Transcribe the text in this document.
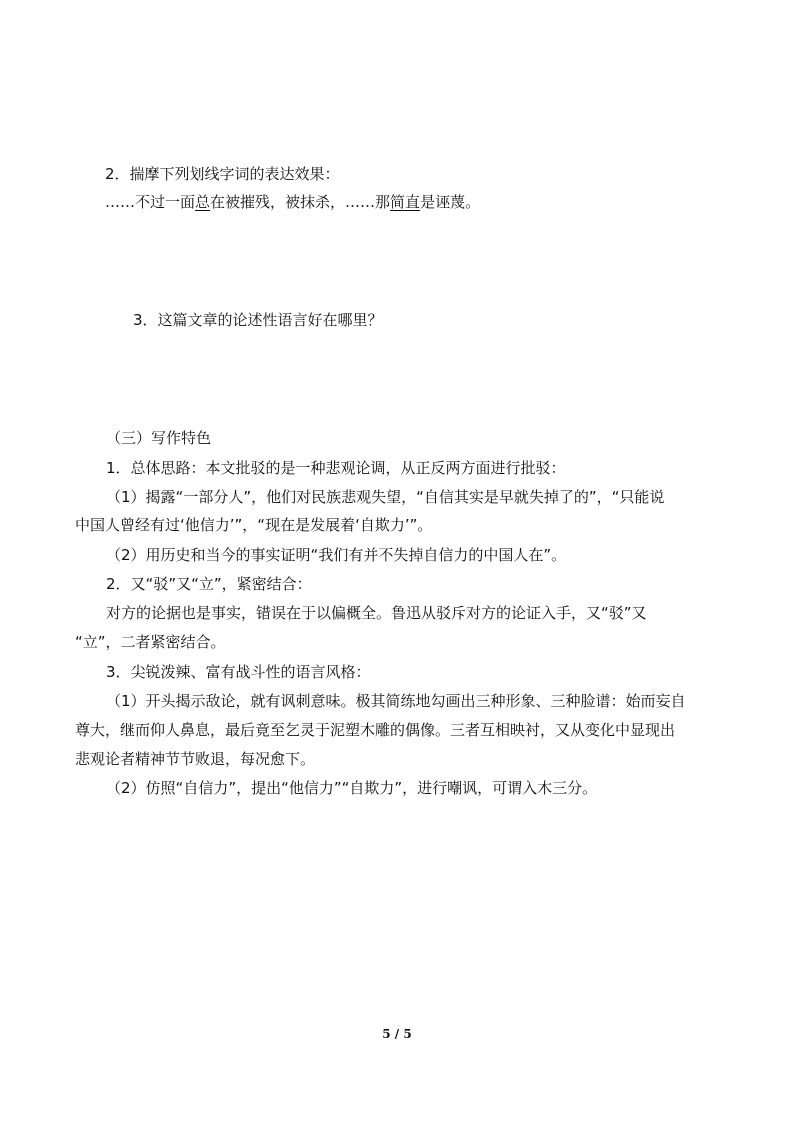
2．揣摩下列划线字词的表达效果：
……不过一面总在被摧残，被抹杀，……那简直是诬蔑。
3．这篇文章的论述性语言好在哪里？
（三）写作特色
1．总体思路：本文批驳的是一种悲观论调，从正反两方面进行批驳：
（1）揭露“一部分人”，他们对民族悲观失望，“自信其实是早就失掉了的”，“只能说
中国人曾经有过‘他信力’”，“现在是发展着‘自欺力’”。
（2）用历史和当今的事实证明“我们有并不失掉自信力的中国人在”。
2．又“驳”又“立”，紧密结合：
对方的论据也是事实，错误在于以偏概全。鲁迅从驳斥对方的论证入手，又“驳”又
“立”，二者紧密结合。
3．尖锐泼辣、富有战斗性的语言风格：
（1）开头揭示敌论，就有讽刺意味。极其简练地勾画出三种形象、三种脸谱：始而妄自
尊大，继而仰人鼻息，最后竟至乞灵于泥塑木雕的偶像。三者互相映衬，又从变化中显现出
悲观论者精神节节败退，每况愈下。
（2）仿照“自信力”，提出“他信力”“自欺力”，进行嘲讽，可谓入木三分。
5 / 5
